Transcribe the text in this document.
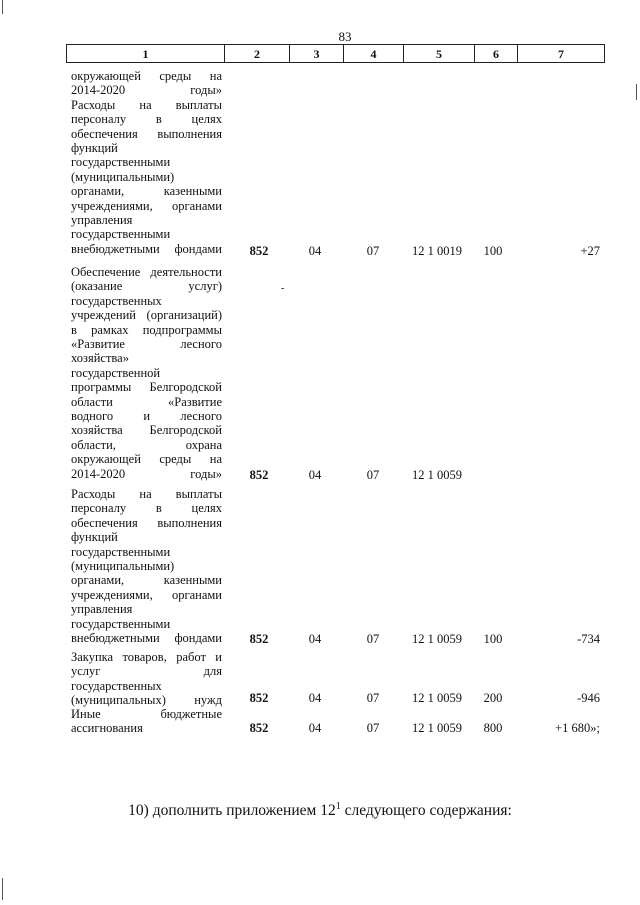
83
1	2	3	4	5	6	7
окружающей среды на
2014-2020 годы»
Расходы на выплаты
персоналу в целях
обеспечения выполнения
функций
государственными
(муниципальными)
органами, казенными
учреждениями, органами
управления
государственными
внебюджетными фондами 852	04	07	12 1 0019	100	+27
Обеспечение деятельности
(оказание услуг)
государственных
учреждений (организаций)
в рамках подпрограммы
«Развитие лесного
хозяйства»
государственной
программы Белгородской
области «Развитие
водного и лесного
хозяйства Белгородской
области, охрана
окружающей среды на
2014-2020 годы» 852	04	07	12 1 0059
Расходы на выплаты
персоналу в целях
обеспечения выполнения
функций
государственными
(муниципальными)
органами, казенными
учреждениями, органами
управления
государственными
внебюджетными фондами 852	04	07	12 1 0059	100	-734
Закупка товаров, работ и
услуг для
государственных
(муниципальных) нужд 852	04	07	12 1 0059	200	-946
Иные бюджетные
ассигнования	852	04	07	12 1 0059	800	+1 680»;
-
10) дополнить приложением $12^1$ следующего содержания:
